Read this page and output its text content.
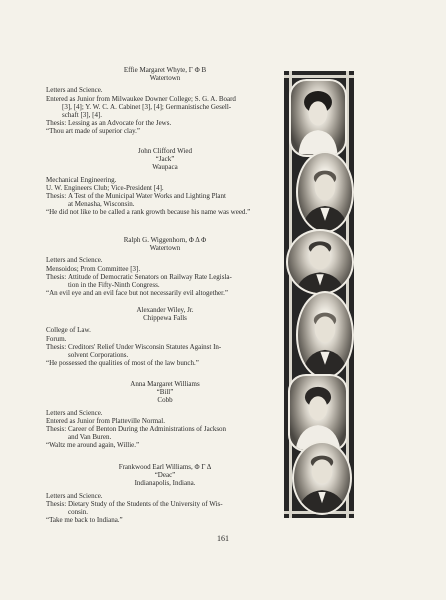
Effie Margaret Whyte, Γ Φ B
Watertown
Letters and Science.
Entered as Junior from Milwaukee Downer College; S. G. A. Board
[3], [4]; Y. W. C. A. Cabinet [3], [4]; Germanistische Gesell-
schaft [3], [4].
Thesis:
Lessing as an Advocate for the Jews.
“Thou art made of superior clay.”
John Clifford Wied
“Jack”
Waupaca
Mechanical Engineering.
U. W. Engineers Club; Vice-President [4].
Thesis:
A Test of the Municipal Water Works and Lighting Plant
at Menasha, Wisconsin.
“He did not like to be called a rank growth because his name was weed.”
Ralph G. Wiggenhorn, Φ Δ Φ
Watertown
Letters and Science.
Mensoidos; Prom Committee [3].
Thesis:
Attitude of Democratic Senators on Railway Rate Legisla-
tion in the Fifty-Ninth Congress.
“An evil eye and an evil face but not necessarily evil altogether.”
Alexander Wiley, Jr.
Chippewa Falls
College of Law.
Forum.
Thesis:
Creditors' Relief Under Wisconsin Statutes Against In-
solvent Corporations.
“He possessed the qualities of most of the law bunch.”
Anna Margaret Williams
“Bill”
Cobb
Letters and Science.
Entered as Junior from Platteville Normal.
Thesis:
Career of Benton During the Administrations of Jackson
and Van Buren.
“Waltz me around again, Willie.”
Frankwood Earl Williams, Φ Γ Δ
“Deac”
Indianapolis, Indiana.
Letters and Science.
Thesis:
Dietary Study of the Students of the University of Wis-
consin.
“Take me back to Indiana.”
161
